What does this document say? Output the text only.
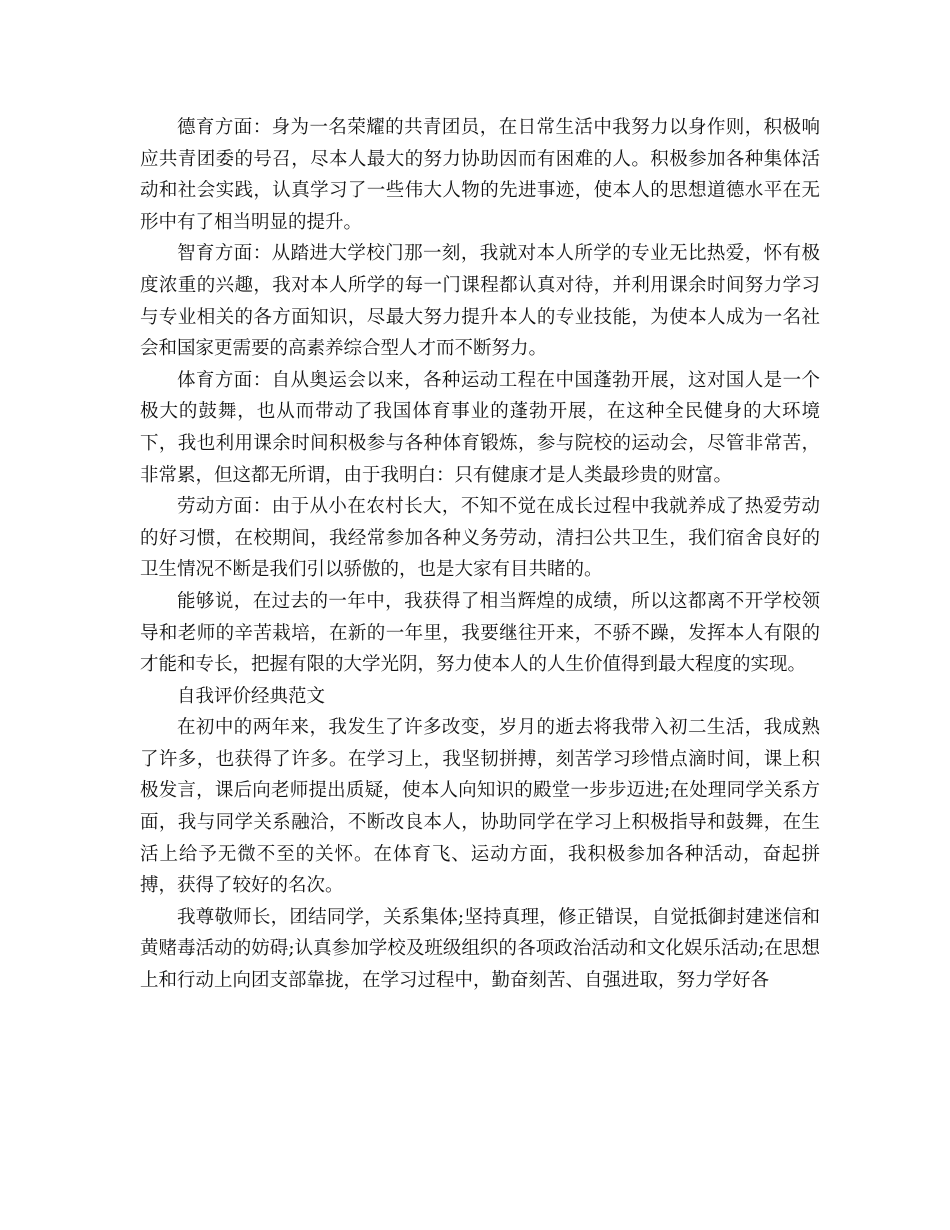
德育方面：身为一名荣耀的共青团员，在日常生活中我努力以身作则，积极响应共青团委的号召，尽本人最大的努力协助因而有困难的人。积极参加各种集体活动和社会实践，认真学习了一些伟大人物的先进事迹，使本人的思想道德水平在无形中有了相当明显的提升。

智育方面：从踏进大学校门那一刻，我就对本人所学的专业无比热爱，怀有极度浓重的兴趣，我对本人所学的每一门课程都认真对待，并利用课余时间努力学习与专业相关的各方面知识，尽最大努力提升本人的专业技能，为使本人成为一名社会和国家更需要的高素养综合型人才而不断努力。

体育方面：自从奥运会以来，各种运动工程在中国蓬勃开展，这对国人是一个极大的鼓舞，也从而带动了我国体育事业的蓬勃开展，在这种全民健身的大环境下，我也利用课余时间积极参与各种体育锻炼，参与院校的运动会，尽管非常苦，非常累，但这都无所谓，由于我明白：只有健康才是人类最珍贵的财富。

劳动方面：由于从小在农村长大，不知不觉在成长过程中我就养成了热爱劳动的好习惯，在校期间，我经常参加各种义务劳动，清扫公共卫生，我们宿舍良好的卫生情况不断是我们引以骄傲的，也是大家有目共睹的。

能够说，在过去的一年中，我获得了相当辉煌的成绩，所以这都离不开学校领导和老师的辛苦栽培，在新的一年里，我要继往开来，不骄不躁，发挥本人有限的才能和专长，把握有限的大学光阴，努力使本人的人生价值得到最大程度的实现。

自我评价经典范文

在初中的两年来，我发生了许多改变，岁月的逝去将我带入初二生活，我成熟了许多，也获得了许多。在学习上，我坚韧拼搏，刻苦学习珍惜点滴时间，课上积极发言，课后向老师提出质疑，使本人向知识的殿堂一步步迈进;在处理同学关系方面，我与同学关系融洽，不断改良本人，协助同学在学习上积极指导和鼓舞，在生活上给予无微不至的关怀。在体育飞、运动方面，我积极参加各种活动，奋起拼搏，获得了较好的名次。

我尊敬师长，团结同学，关系集体;坚持真理，修正错误，自觉抵御封建迷信和黄赌毒活动的妨碍;认真参加学校及班级组织的各项政治活动和文化娱乐活动;在思想上和行动上向团支部靠拢，在学习过程中，勤奋刻苦、自强进取，努力学好各
